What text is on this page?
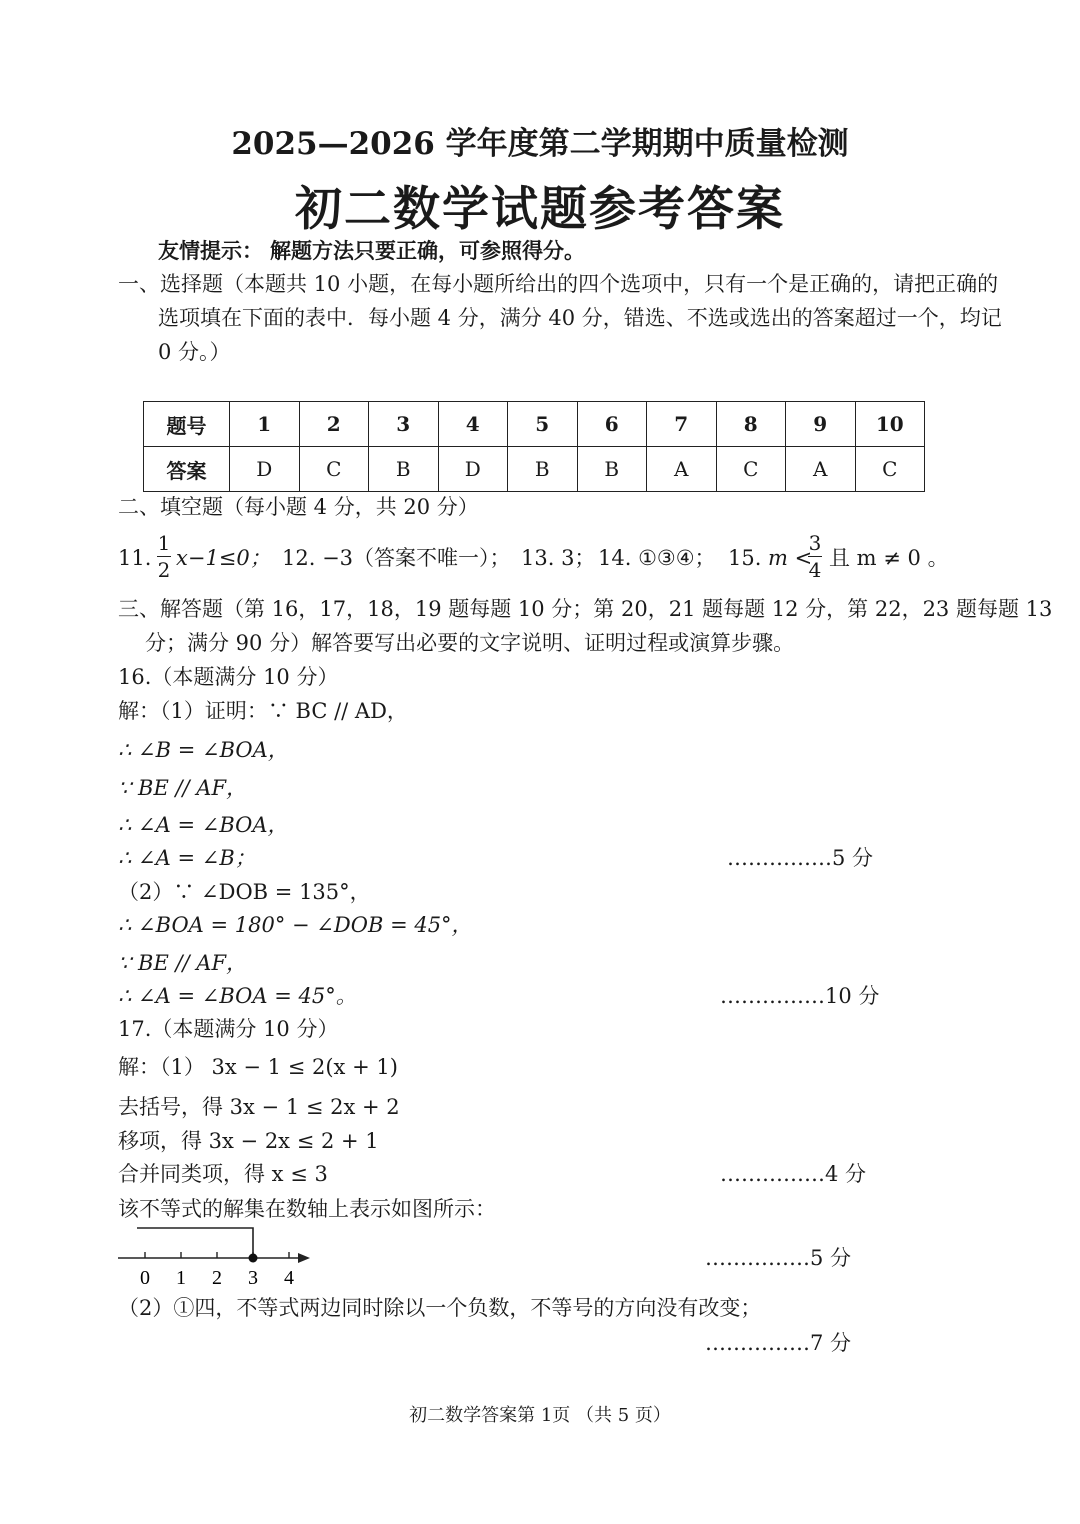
2025—2026 学年度第二学期期中质量检测
初二数学试题参考答案
友情提示： 解题方法只要正确，可参照得分。
一、选择题（本题共 10 小题，在每小题所给出的四个选项中，只有一个是正确的，请把正确的
选项填在下面的表中．每小题 4 分，满分 40 分，错选、不选或选出的答案超过一个，均记
0 分。）
题号	1	2	3	4	5	6	7	8	9	10
答案	D	C	B	D	B	B	A	C	A	C
二、填空题（每小题 4 分，共 20 分）
11.
1
2 x−1≤0； 12. −3（答案不唯一）； 13. 3； 14. ①③④； 15. m <
3
4 且 m ≠ 0 。
三、解答题（第 16，17，18，19 题每题 10 分；第 20，21 题每题 12 分，第 22，23 题每题 13
分；满分 90 分）解答要写出必要的文字说明、证明过程或演算步骤。
16.（本题满分 10 分）
解：（1）证明：∵ BC // AD，
∴ ∠B = ∠BOA，
∵ BE // AF，
∴ ∠A = ∠BOA，
∴ ∠A = ∠B；	……………5 分
（2）∵ ∠DOB = 135°，
∴ ∠BOA = 180° − ∠DOB = 45°，
∵ BE // AF，
∴ ∠A = ∠BOA = 45°。	……………10 分
17.（本题满分 10 分）
解：（1） 3x − 1 ≤ 2(x + 1)
去括号，得 3x − 1 ≤ 2x + 2
移项，得 3x − 2x ≤ 2 + 1
合并同类项，得 x ≤ 3	……………4 分
该不等式的解集在数轴上表示如图所示：
0 1 2 3 4
……………5 分
（2）①四，不等式两边同时除以一个负数，不等号的方向没有改变；
……………7 分
初二数学答案第 1页 （共 5 页）
